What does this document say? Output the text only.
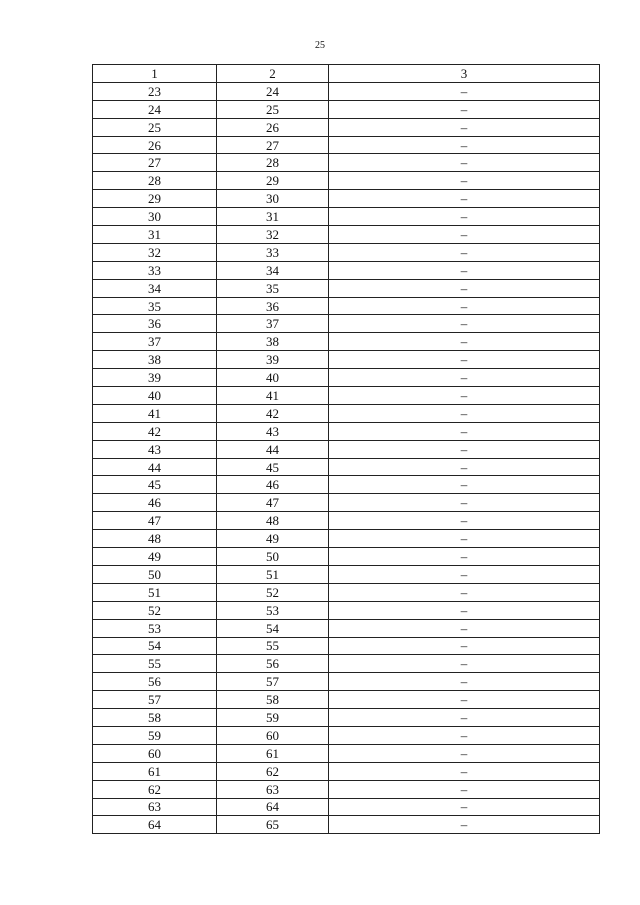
25
1	2	3
23	24	–
24	25	–
25	26	–
26	27	–
27	28	–
28	29	–
29	30	–
30	31	–
31	32	–
32	33	–
33	34	–
34	35	–
35	36	–
36	37	–
37	38	–
38	39	–
39	40	–
40	41	–
41	42	–
42	43	–
43	44	–
44	45	–
45	46	–
46	47	–
47	48	–
48	49	–
49	50	–
50	51	–
51	52	–
52	53	–
53	54	–
54	55	–
55	56	–
56	57	–
57	58	–
58	59	–
59	60	–
60	61	–
61	62	–
62	63	–
63	64	–
64	65	–
